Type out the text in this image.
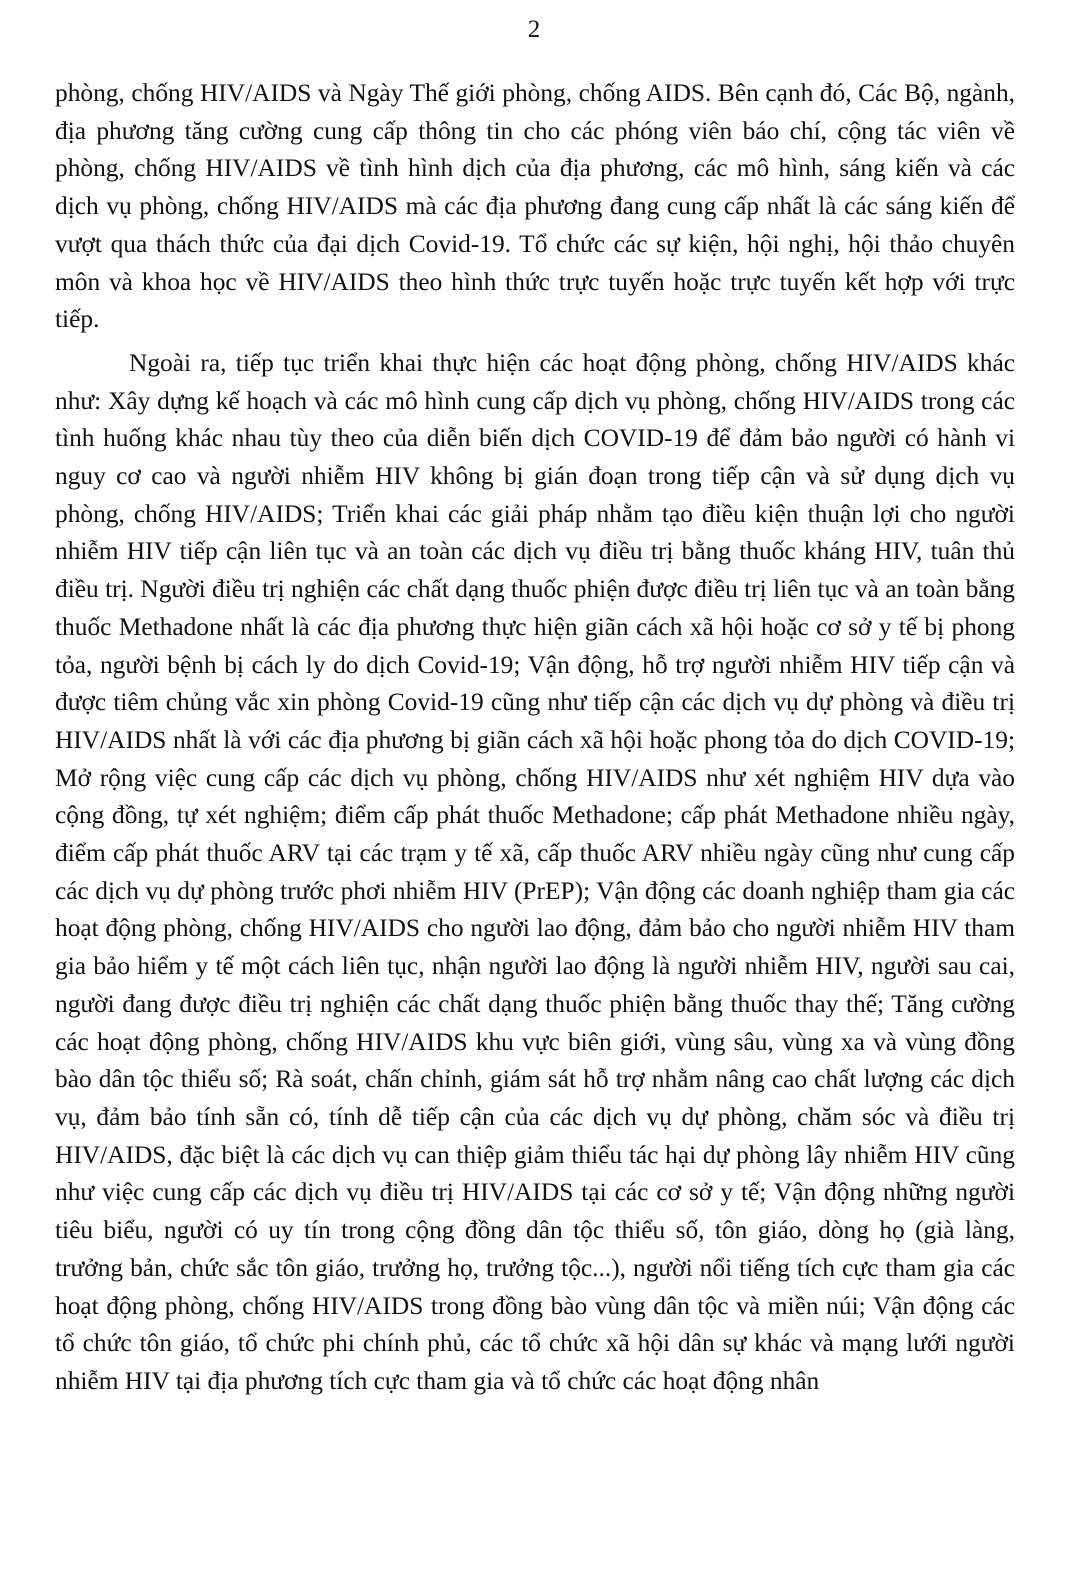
2

phòng, chống HIV/AIDS và Ngày Thế giới phòng, chống AIDS. Bên cạnh đó, Các Bộ, ngành, địa phương tăng cường cung cấp thông tin cho các phóng viên báo chí, cộng tác viên về phòng, chống HIV/AIDS về tình hình dịch của địa phương, các mô hình, sáng kiến và các dịch vụ phòng, chống HIV/AIDS mà các địa phương đang cung cấp nhất là các sáng kiến để vượt qua thách thức của đại dịch Covid-19. Tổ chức các sự kiện, hội nghị, hội thảo chuyên môn và khoa học về HIV/AIDS theo hình thức trực tuyến hoặc trực tuyến kết hợp với trực tiếp.

Ngoài ra, tiếp tục triển khai thực hiện các hoạt động phòng, chống HIV/AIDS khác như: Xây dựng kế hoạch và các mô hình cung cấp dịch vụ phòng, chống HIV/AIDS trong các tình huống khác nhau tùy theo của diễn biến dịch COVID-19 để đảm bảo người có hành vi nguy cơ cao và người nhiễm HIV không bị gián đoạn trong tiếp cận và sử dụng dịch vụ phòng, chống HIV/AIDS; Triển khai các giải pháp nhằm tạo điều kiện thuận lợi cho người nhiễm HIV tiếp cận liên tục và an toàn các dịch vụ điều trị bằng thuốc kháng HIV, tuân thủ điều trị. Người điều trị nghiện các chất dạng thuốc phiện được điều trị liên tục và an toàn bằng thuốc Methadone nhất là các địa phương thực hiện giãn cách xã hội hoặc cơ sở y tế bị phong tỏa, người bệnh bị cách ly do dịch Covid-19; Vận động, hỗ trợ người nhiễm HIV tiếp cận và được tiêm chủng vắc xin phòng Covid-19 cũng như tiếp cận các dịch vụ dự phòng và điều trị HIV/AIDS nhất là với các địa phương bị giãn cách xã hội hoặc phong tỏa do dịch COVID-19; Mở rộng việc cung cấp các dịch vụ phòng, chống HIV/AIDS như xét nghiệm HIV dựa vào cộng đồng, tự xét nghiệm; điểm cấp phát thuốc Methadone; cấp phát Methadone nhiều ngày, điểm cấp phát thuốc ARV tại các trạm y tế xã, cấp thuốc ARV nhiều ngày cũng như cung cấp các dịch vụ dự phòng trước phơi nhiễm HIV (PrEP); Vận động các doanh nghiệp tham gia các hoạt động phòng, chống HIV/AIDS cho người lao động, đảm bảo cho người nhiễm HIV tham gia bảo hiểm y tế một cách liên tục, nhận người lao động là người nhiễm HIV, người sau cai, người đang được điều trị nghiện các chất dạng thuốc phiện bằng thuốc thay thế; Tăng cường các hoạt động phòng, chống HIV/AIDS khu vực biên giới, vùng sâu, vùng xa và vùng đồng bào dân tộc thiểu số; Rà soát, chấn chỉnh, giám sát hỗ trợ nhằm nâng cao chất lượng các dịch vụ, đảm bảo tính sẵn có, tính dễ tiếp cận của các dịch vụ dự phòng, chăm sóc và điều trị HIV/AIDS, đặc biệt là các dịch vụ can thiệp giảm thiểu tác hại dự phòng lây nhiễm HIV cũng như việc cung cấp các dịch vụ điều trị HIV/AIDS tại các cơ sở y tế; Vận động những người tiêu biểu, người có uy tín trong cộng đồng dân tộc thiểu số, tôn giáo, dòng họ (già làng, trưởng bản, chức sắc tôn giáo, trưởng họ, trưởng tộc...), người nổi tiếng tích cực tham gia các hoạt động phòng, chống HIV/AIDS trong đồng bào vùng dân tộc và miền núi; Vận động các tổ chức tôn giáo, tổ chức phi chính phủ, các tổ chức xã hội dân sự khác và mạng lưới người nhiễm HIV tại địa phương tích cực tham gia và tổ chức các hoạt động nhân
